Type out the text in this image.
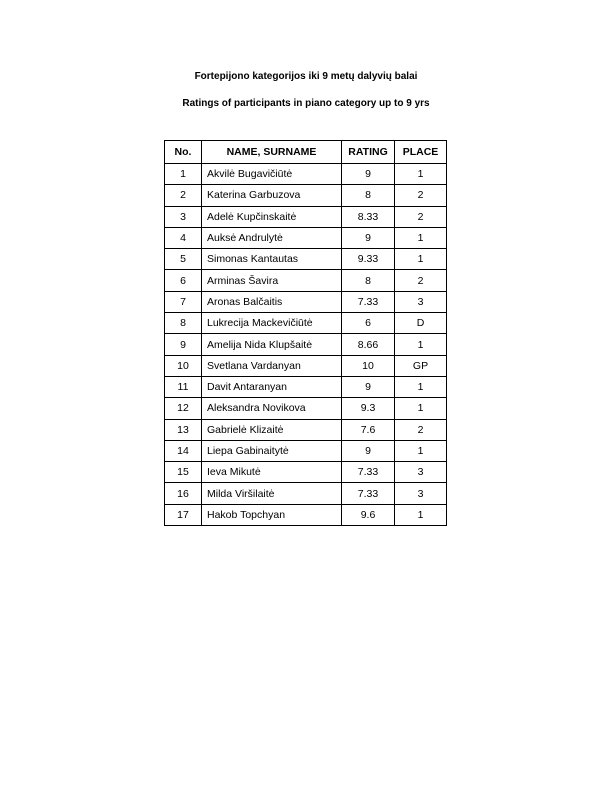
Fortepijono kategorijos iki 9 metų dalyvių balai

Ratings of participants in piano category up to 9 yrs

No.	NAME, SURNAME	RATING	PLACE
1	Akvilė Bugavičiūtė	9	1
2	Katerina Garbuzova	8	2
3	Adelė Kupčinskaitė	8.33	2
4	Auksė Andrulytė	9	1
5	Simonas Kantautas	9.33	1
6	Arminas Šavira	8	2
7	Aronas Balčaitis	7.33	3
8	Lukrecija Mackevičiūtė	6	D
9	Amelija Nida Klupšaitė	8.66	1
10	Svetlana Vardanyan	10	GP
11	Davit Antaranyan	9	1
12	Aleksandra Novikova	9.3	1
13	Gabrielė Klizaitė	7.6	2
14	Liepa Gabinaitytė	9	1
15	Ieva Mikutė	7.33	3
16	Milda Viršilaitė	7.33	3
17	Hakob Topchyan	9.6	1
